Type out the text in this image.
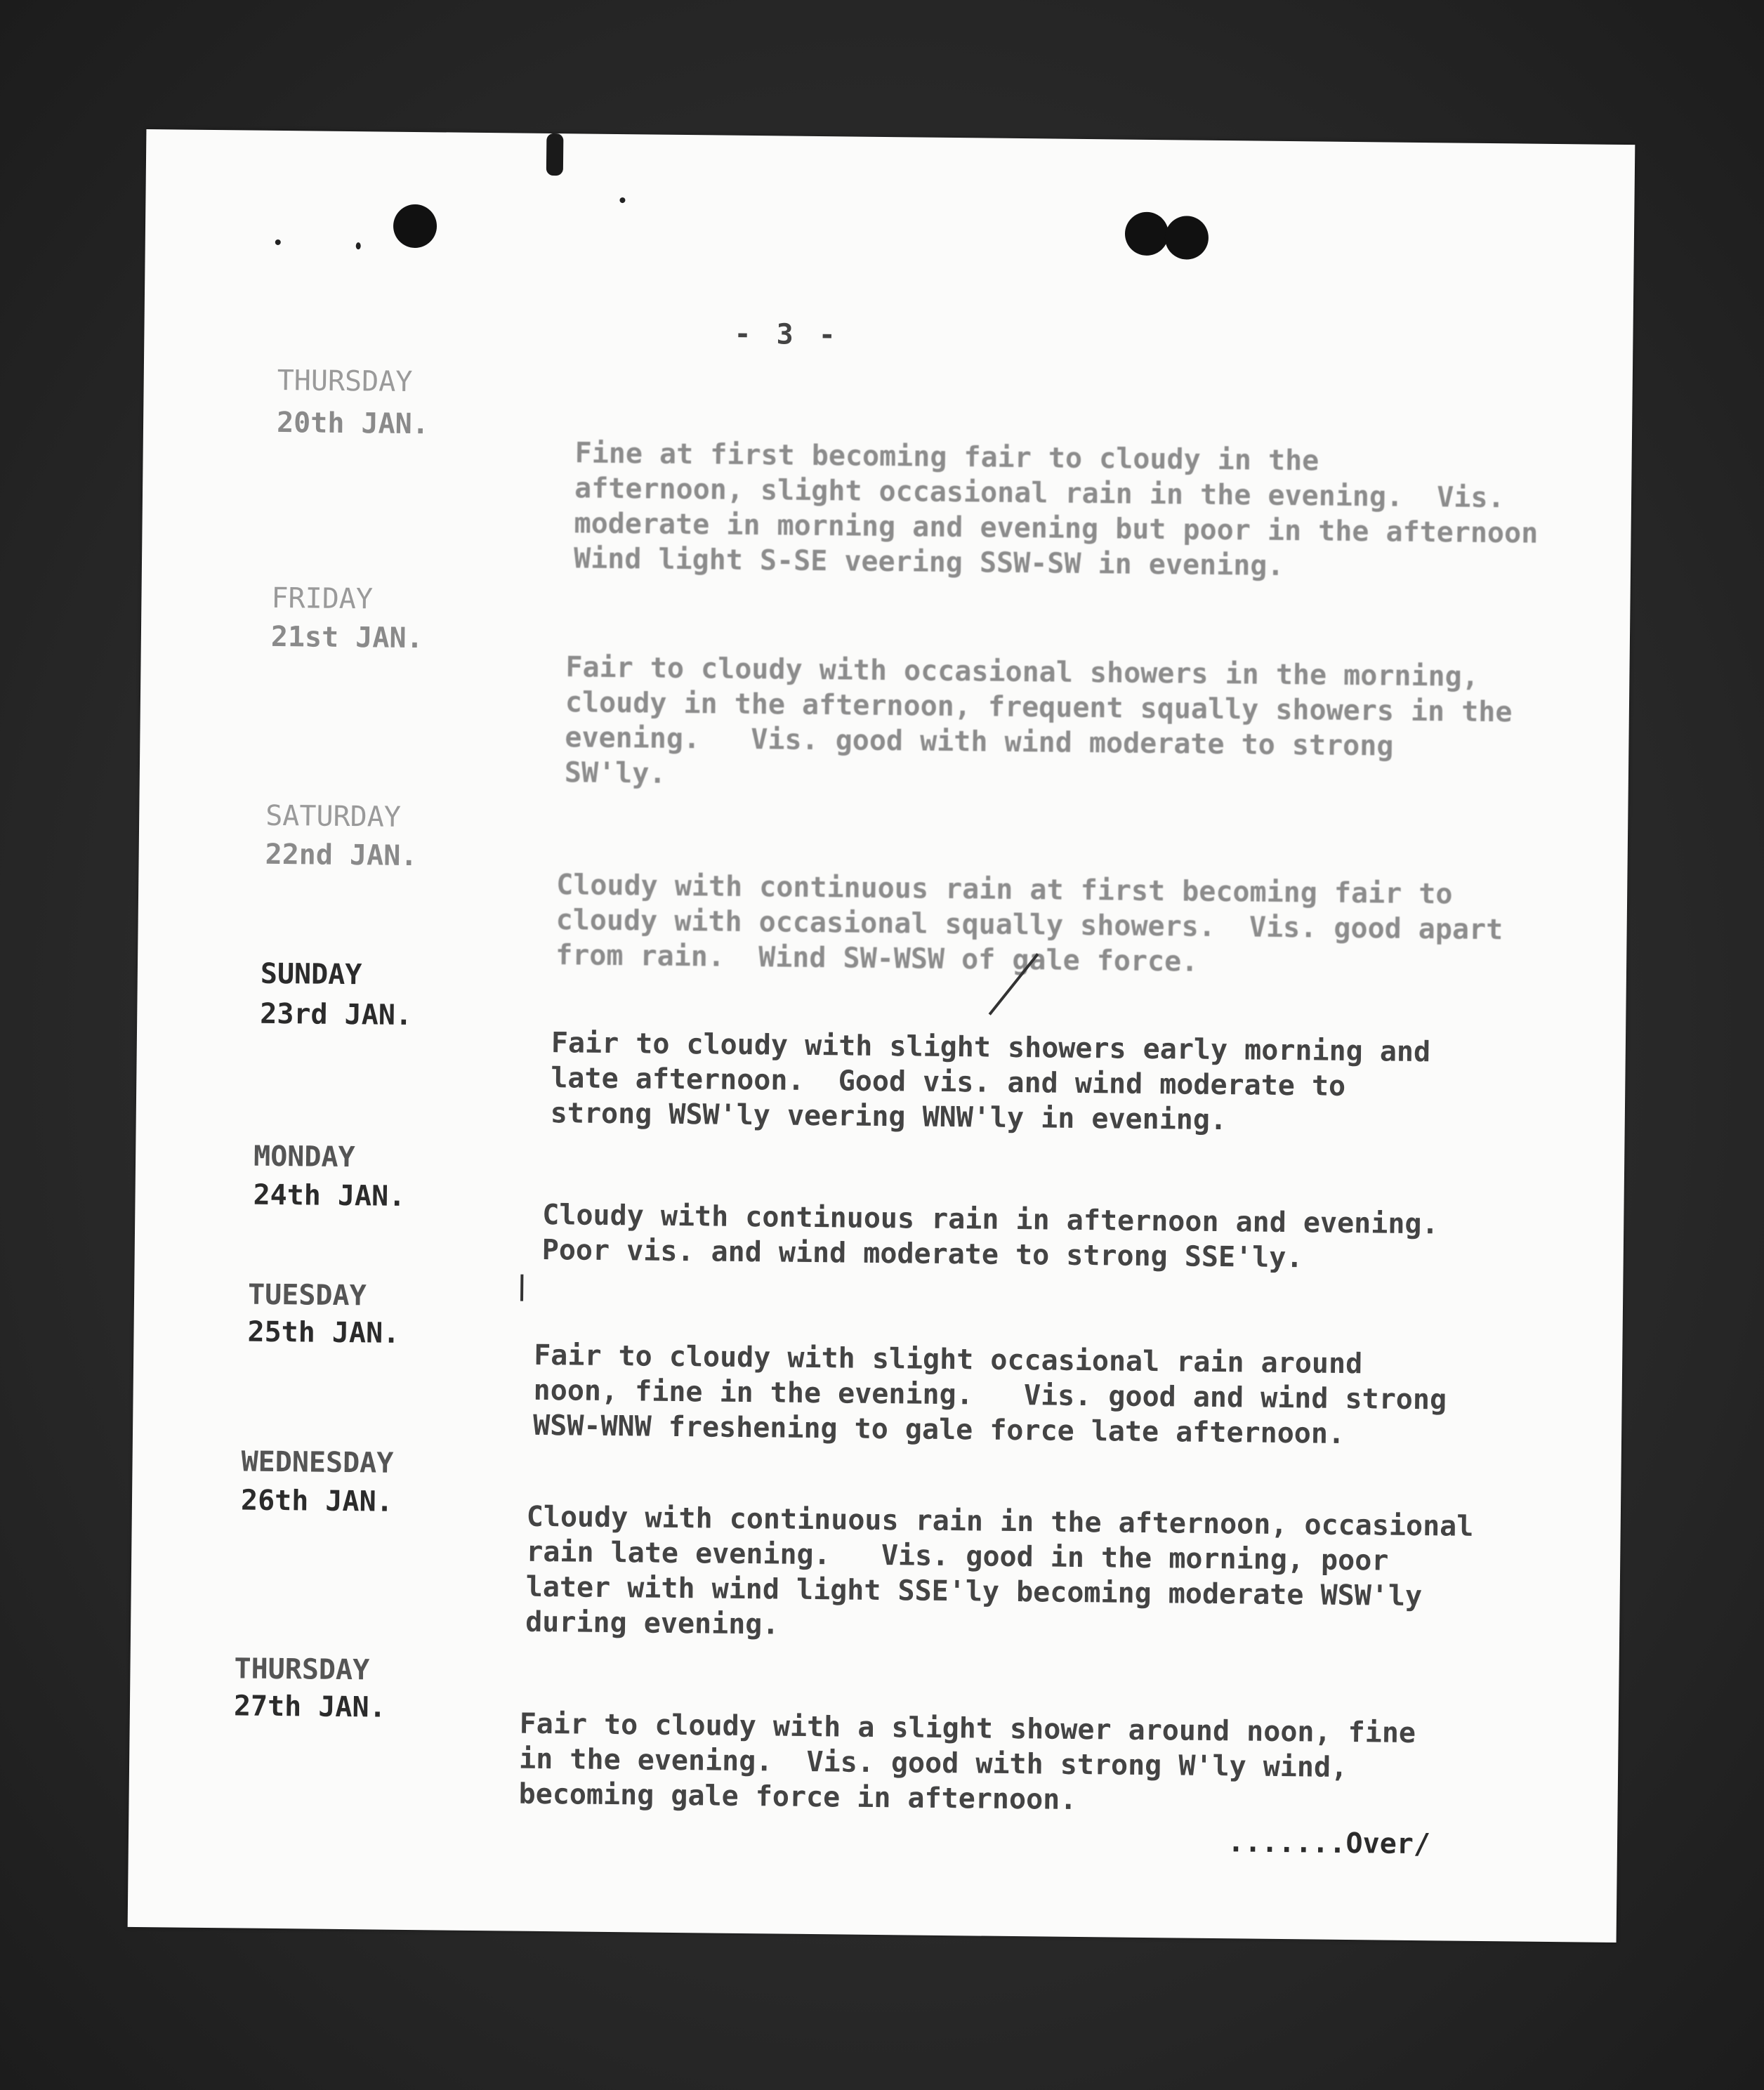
- 3 -
THURSDAY
20th JAN.
Fine at first becoming fair to cloudy in the
afternoon, slight occasional rain in the evening.  Vis.
moderate in morning and evening but poor in the afternoon
Wind light S-SE veering SSW-SW in evening.
FRIDAY
21st JAN.
Fair to cloudy with occasional showers in the morning,
cloudy in the afternoon, frequent squally showers in the
evening.   Vis. good with wind moderate to strong
SW'ly.
SATURDAY
22nd JAN.
Cloudy with continuous rain at first becoming fair to
cloudy with occasional squally showers.  Vis. good apart
from rain.  Wind SW-WSW of gale force.
SUNDAY
23rd JAN.
Fair to cloudy with slight showers early morning and
late afternoon.  Good vis. and wind moderate to
strong WSW'ly veering WNW'ly in evening.
MONDAY
24th JAN.
Cloudy with continuous rain in afternoon and evening.
Poor vis. and wind moderate to strong SSE'ly.
TUESDAY
25th JAN.
Fair to cloudy with slight occasional rain around
noon, fine in the evening.   Vis. good and wind strong
WSW-WNW freshening to gale force late afternoon.
WEDNESDAY
26th JAN.	Cloudy with continuous rain in the afternoon, occasional
rain late evening.   Vis. good in the morning, poor
later with wind light SSE'ly becoming moderate WSW'ly
during evening.
THURSDAY
27th JAN.
Fair to cloudy with a slight shower around noon, fine
in the evening.  Vis. good with strong W'ly wind,
becoming gale force in afternoon.
.......Over/
